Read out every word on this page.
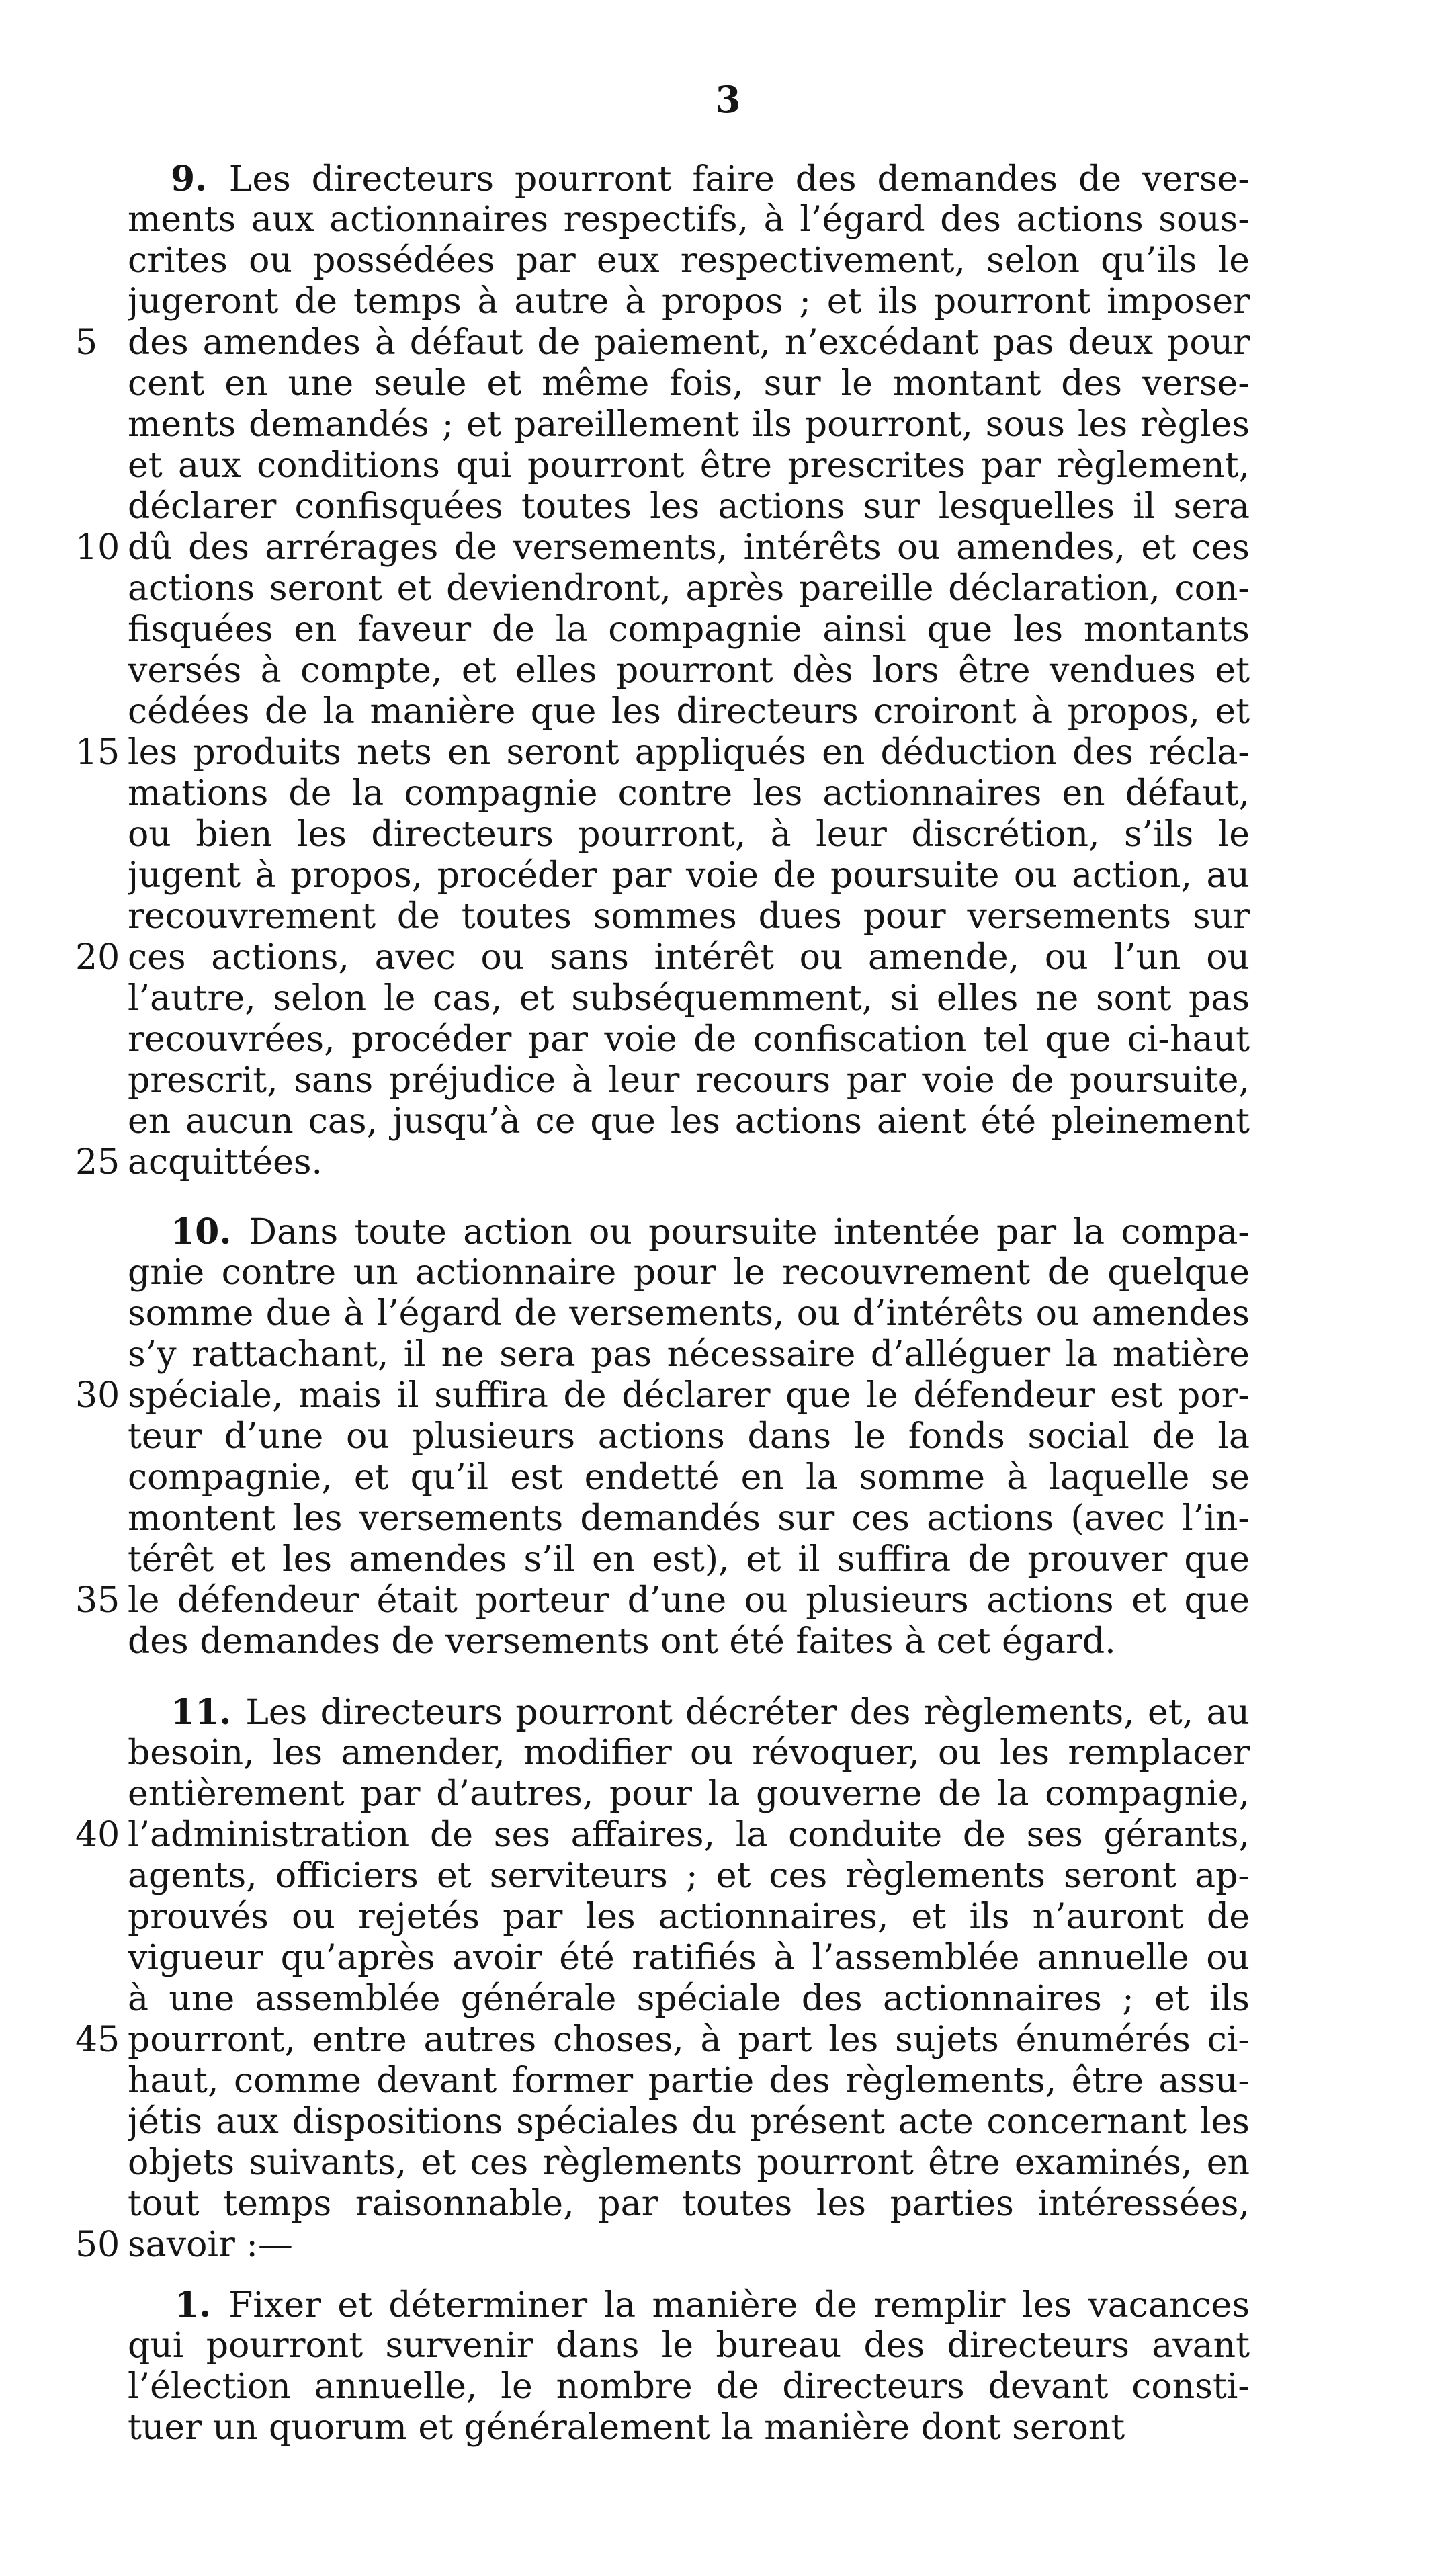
3
5
10
15
20
25
30
35
40
45
50
9. Les directeurs pourront faire des demandes de verse-
ments aux actionnaires respectifs, à l’égard des actions sous-
crites ou possédées par eux respectivement, selon qu’ils le
jugeront de temps à autre à propos ; et ils pourront imposer
des amendes à défaut de paiement, n’excédant pas deux pour
cent en une seule et même fois, sur le montant des verse-
ments demandés ; et pareillement ils pourront, sous les règles
et aux conditions qui pourront être prescrites par règlement,
déclarer confisquées toutes les actions sur lesquelles il sera
dû des arrérages de versements, intérêts ou amendes, et ces
actions seront et deviendront, après pareille déclaration, con-
fisquées en faveur de la compagnie ainsi que les montants
versés à compte, et elles pourront dès lors être vendues et
cédées de la manière que les directeurs croiront à propos, et
les produits nets en seront appliqués en déduction des récla-
mations de la compagnie contre les actionnaires en défaut,
ou bien les directeurs pourront, à leur discrétion, s’ils le
jugent à propos, procéder par voie de poursuite ou action, au
recouvrement de toutes sommes dues pour versements sur
ces actions, avec ou sans intérêt ou amende, ou l’un ou
l’autre, selon le cas, et subséquemment, si elles ne sont pas
recouvrées, procéder par voie de confiscation tel que ci-haut
prescrit, sans préjudice à leur recours par voie de poursuite,
en aucun cas, jusqu’à ce que les actions aient été pleinement
acquittées.
10. Dans toute action ou poursuite intentée par la compa-
gnie contre un actionnaire pour le recouvrement de quelque
somme due à l’égard de versements, ou d’intérêts ou amendes
s’y rattachant, il ne sera pas nécessaire d’alléguer la matière
spéciale, mais il suffira de déclarer que le défendeur est por-
teur d’une ou plusieurs actions dans le fonds social de la
compagnie, et qu’il est endetté en la somme à laquelle se
montent les versements demandés sur ces actions (avec l’in-
térêt et les amendes s’il en est), et il suffira de prouver que
le défendeur était porteur d’une ou plusieurs actions et que
des demandes de versements ont été faites à cet égard.
11. Les directeurs pourront décréter des règlements, et, au
besoin, les amender, modifier ou révoquer, ou les remplacer
entièrement par d’autres, pour la gouverne de la compagnie,
l’administration de ses affaires, la conduite de ses gérants,
agents, officiers et serviteurs ; et ces règlements seront ap-
prouvés ou rejetés par les actionnaires, et ils n’auront de
vigueur qu’après avoir été ratifiés à l’assemblée annuelle ou
à une assemblée générale spéciale des actionnaires ; et ils
pourront, entre autres choses, à part les sujets énumérés ci-
haut, comme devant former partie des règlements, être assu-
jétis aux dispositions spéciales du présent acte concernant les
objets suivants, et ces règlements pourront être examinés, en
tout temps raisonnable, par toutes les parties intéressées,
savoir :—
1. Fixer et déterminer la manière de remplir les vacances
qui pourront survenir dans le bureau des directeurs avant
l’élection annuelle, le nombre de directeurs devant consti-
tuer un quorum et généralement la manière dont seront
